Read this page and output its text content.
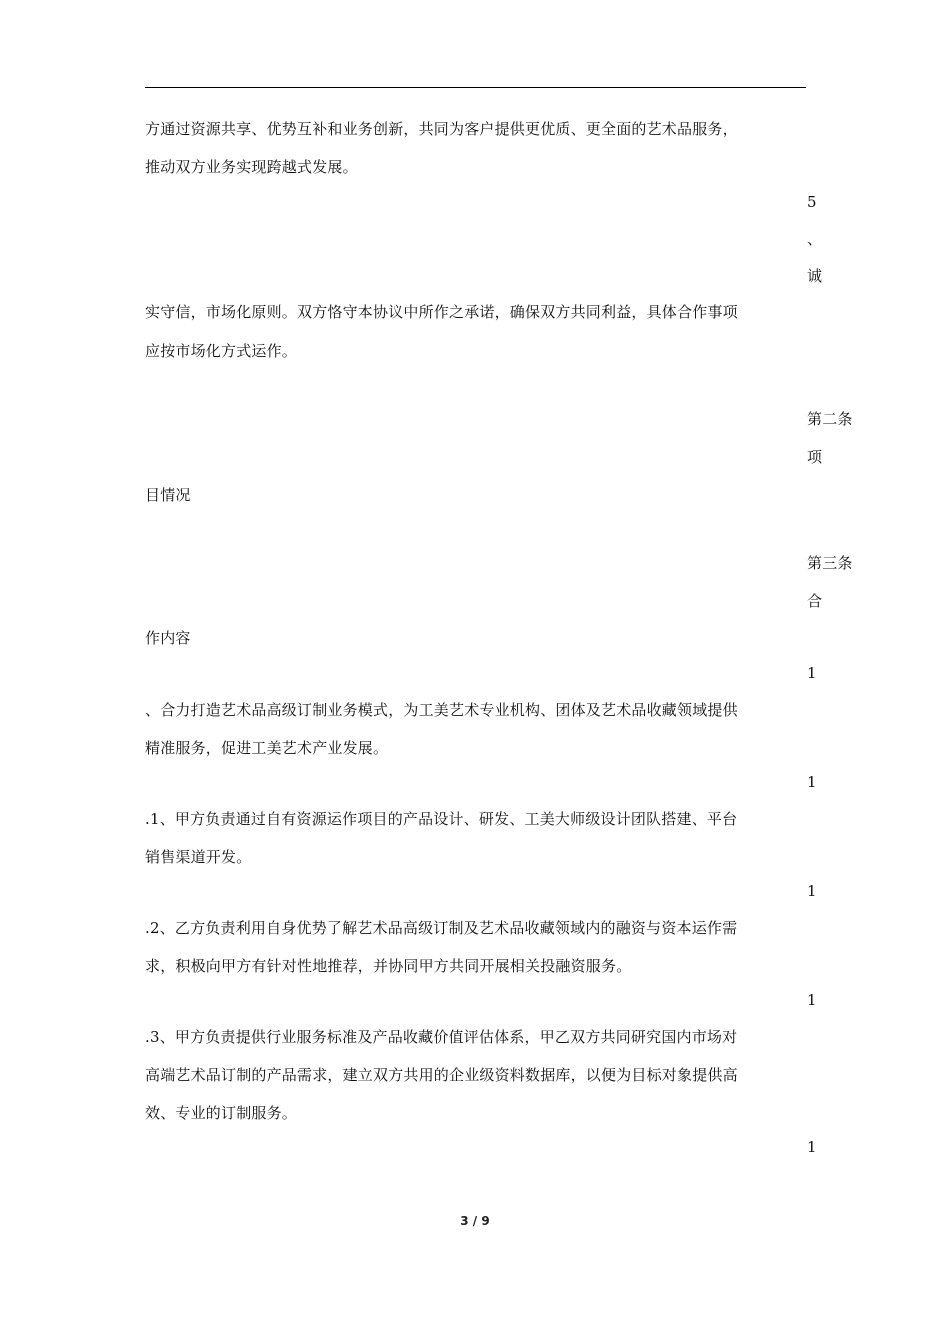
方通过资源共享、优势互补和业务创新，共同为客户提供更优质、更全面的艺术品服务，
推动双方业务实现跨越式发展。
5
、
诚
实守信，市场化原则。双方恪守本协议中所作之承诺，确保双方共同利益，具体合作事项
应按市场化方式运作。
第二条
项
目情况
第三条
合
作内容
1
、合力打造艺术品高级订制业务模式，为工美艺术专业机构、团体及艺术品收藏领域提供
精准服务，促进工美艺术产业发展。
1
.1、甲方负责通过自有资源运作项目的产品设计、研发、工美大师级设计团队搭建、平台
销售渠道开发。
1
.2、乙方负责利用自身优势了解艺术品高级订制及艺术品收藏领域内的融资与资本运作需
求，积极向甲方有针对性地推荐，并协同甲方共同开展相关投融资服务。
1
.3、甲方负责提供行业服务标准及产品收藏价值评估体系，甲乙双方共同研究国内市场对
高端艺术品订制的产品需求，建立双方共用的企业级资料数据库，以便为目标对象提供高
效、专业的订制服务。
1
3 / 9
